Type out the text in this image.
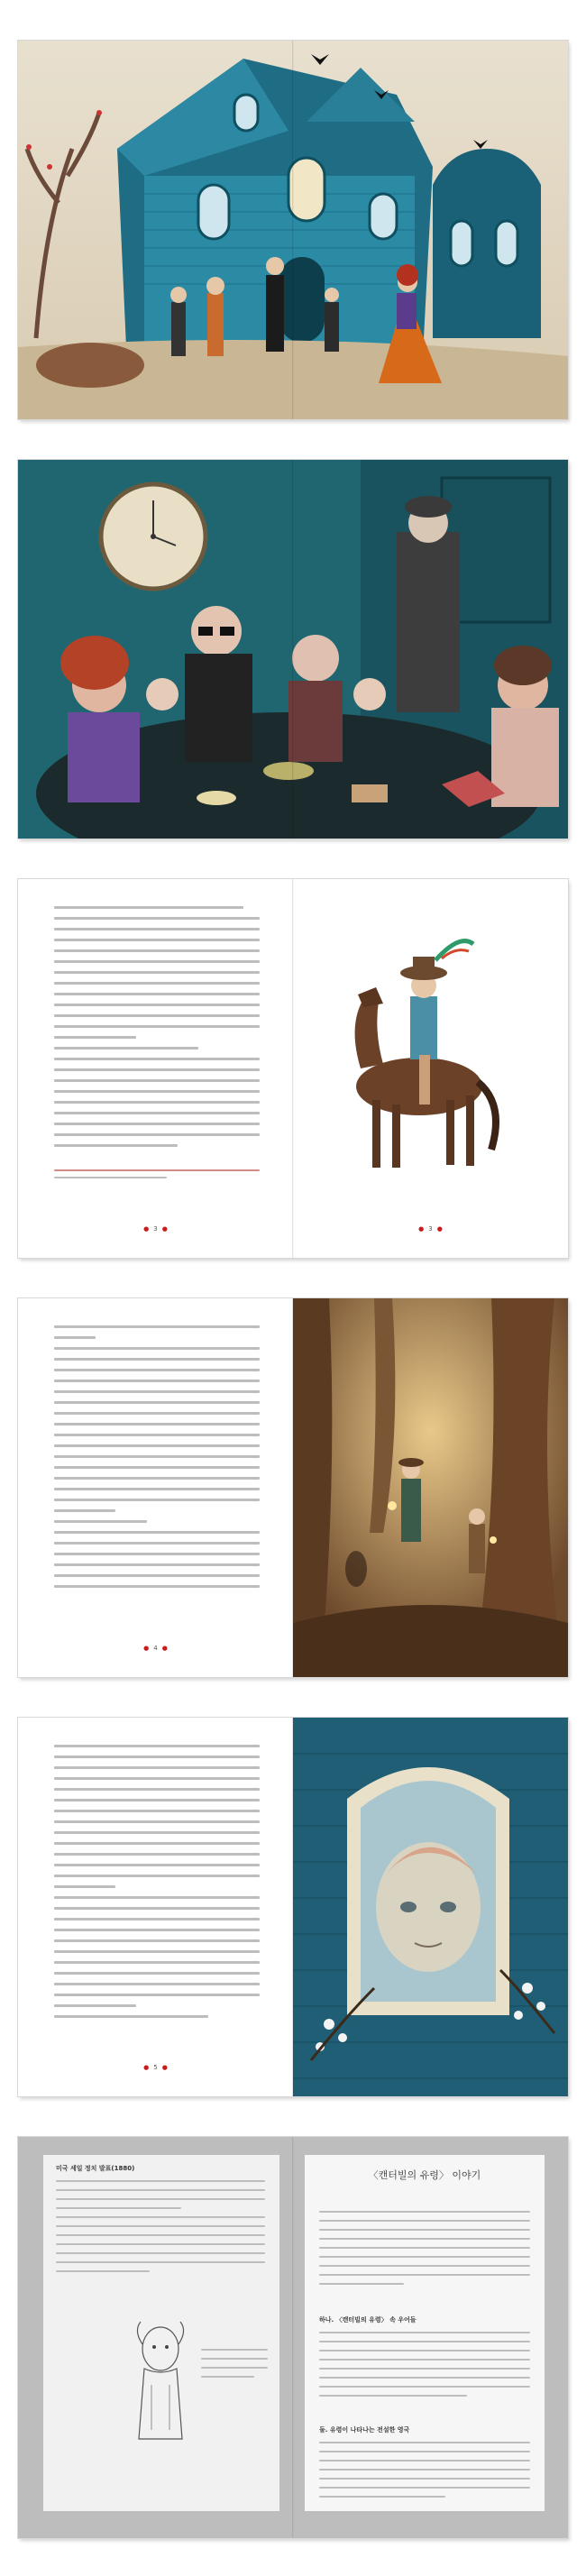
● 3 ●	● 3 ●
● 4 ●
● 5 ●
미국 세일 정치 발표(1880)
〈캔터빌의 유령〉 이야기
하나. 〈캔터빌의 유령〉 속 우어들
둘. 유령이 나타나는 전설한 영국
